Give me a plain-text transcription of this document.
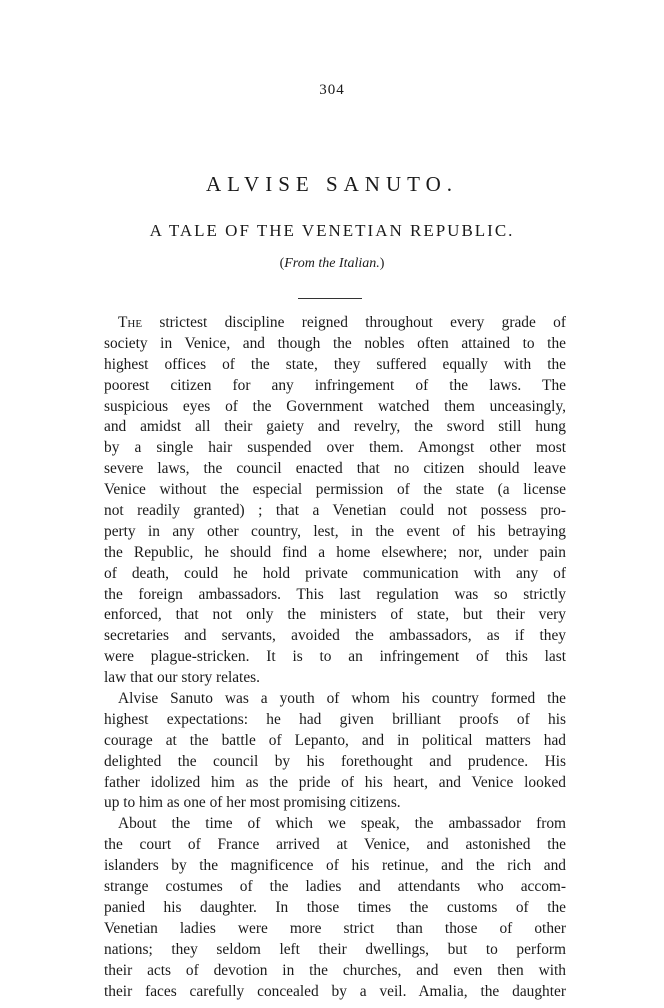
304
ALVISE SANUTO.
A TALE OF THE VENETIAN REPUBLIC.
(From the Italian.)
The strictest discipline reigned throughout every grade of
society in Venice, and though the nobles often attained to the
highest offices of the state, they suffered equally with the
poorest citizen for any infringement of the laws. The
suspicious eyes of the Government watched them unceasingly,
and amidst all their gaiety and revelry, the sword still hung
by a single hair suspended over them. Amongst other most
severe laws, the council enacted that no citizen should leave
Venice without the especial permission of the state (a license
not readily granted) ; that a Venetian could not possess pro-
perty in any other country, lest, in the event of his betraying
the Republic, he should find a home elsewhere; nor, under pain
of death, could he hold private communication with any of
the foreign ambassadors. This last regulation was so strictly
enforced, that not only the ministers of state, but their very
secretaries and servants, avoided the ambassadors, as if they
were plague-stricken. It is to an infringement of this last
law that our story relates.
Alvise Sanuto was a youth of whom his country formed the
highest expectations: he had given brilliant proofs of his
courage at the battle of Lepanto, and in political matters had
delighted the council by his forethought and prudence. His
father idolized him as the pride of his heart, and Venice looked
up to him as one of her most promising citizens.
About the time of which we speak, the ambassador from
the court of France arrived at Venice, and astonished the
islanders by the magnificence of his retinue, and the rich and
strange costumes of the ladies and attendants who accom-
panied his daughter. In those times the customs of the
Venetian ladies were more strict than those of other
nations; they seldom left their dwellings, but to perform
their acts of devotion in the churches, and even then with
their faces carefully concealed by a veil. Amalia, the daughter
